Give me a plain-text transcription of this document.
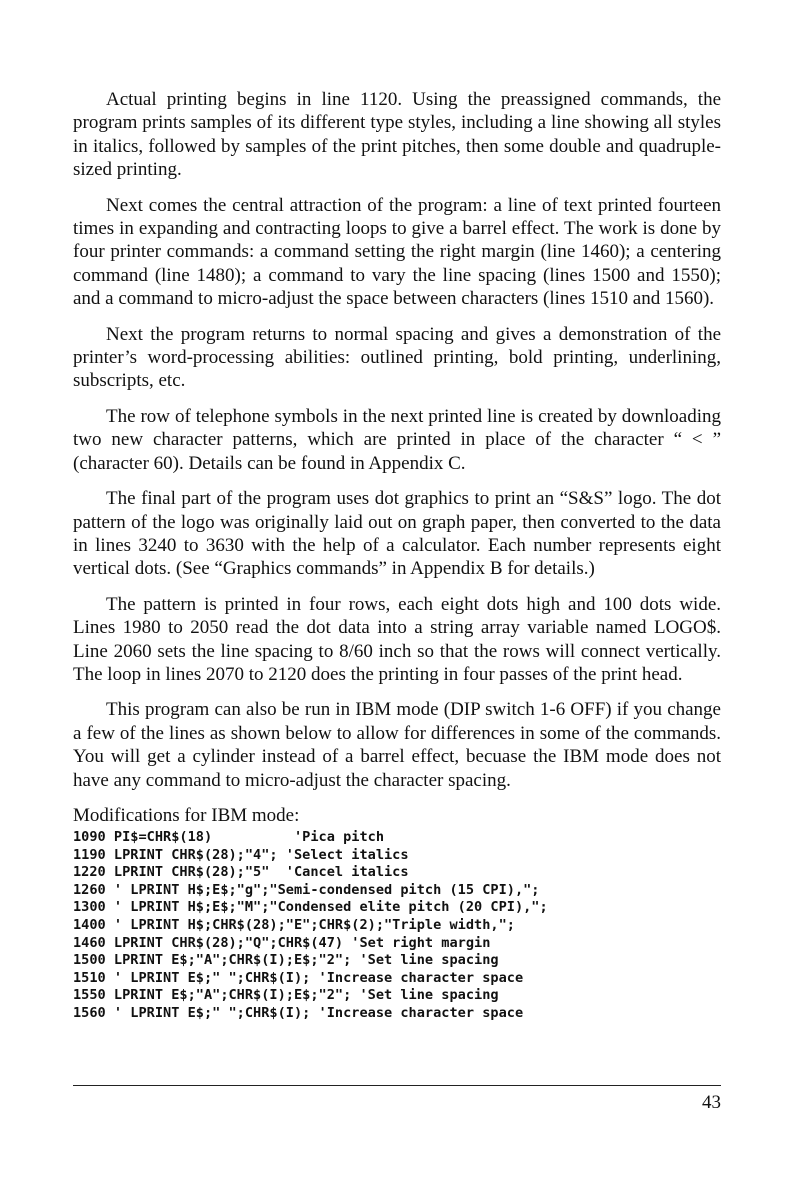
Actual printing begins in line 1120. Using the preassigned commands, the program prints samples of its different type styles, including a line showing all styles in italics, followed by samples of the print pitches, then some double and quadruple-sized printing.

Next comes the central attraction of the program: a line of text printed fourteen times in expanding and contracting loops to give a barrel effect. The work is done by four printer commands: a command setting the right margin (line 1460); a centering command (line 1480); a command to vary the line spacing (lines 1500 and 1550); and a command to micro-adjust the space between characters (lines 1510 and 1560).

Next the program returns to normal spacing and gives a demonstration of the printer’s word-processing abilities: outlined printing, bold printing, underlining, subscripts, etc.

The row of telephone symbols in the next printed line is created by downloading two new character patterns, which are printed in place of the character “ < ” (character 60). Details can be found in Appendix C.

The final part of the program uses dot graphics to print an “S&S” logo. The dot pattern of the logo was originally laid out on graph paper, then converted to the data in lines 3240 to 3630 with the help of a calculator. Each number represents eight vertical dots. (See “Graphics commands” in Appendix B for details.)

The pattern is printed in four rows, each eight dots high and 100 dots wide. Lines 1980 to 2050 read the dot data into a string array variable named LOGO$. Line 2060 sets the line spacing to 8/60 inch so that the rows will connect vertically. The loop in lines 2070 to 2120 does the printing in four passes of the print head.

This program can also be run in IBM mode (DIP switch 1-6 OFF) if you change a few of the lines as shown below to allow for differences in some of the commands. You will get a cylinder instead of a barrel effect, becuase the IBM mode does not have any command to micro-adjust the character spacing.

Modifications for IBM mode:
1090 PI$=CHR$(18)          'Pica pitch
1190 LPRINT CHR$(28);"4"; 'Select italics
1220 LPRINT CHR$(28);"5"  'Cancel italics
1260 ' LPRINT H$;E$;"g";"Semi-condensed pitch (15 CPI),";
1300 ' LPRINT H$;E$;"M";"Condensed elite pitch (20 CPI),";
1400 ' LPRINT H$;CHR$(28);"E";CHR$(2);"Triple width,";
1460 LPRINT CHR$(28);"Q";CHR$(47) 'Set right margin
1500 LPRINT E$;"A";CHR$(I);E$;"2"; 'Set line spacing
1510 ' LPRINT E$;" ";CHR$(I); 'Increase character space
1550 LPRINT E$;"A";CHR$(I);E$;"2"; 'Set line spacing
1560 ' LPRINT E$;" ";CHR$(I); 'Increase character space
43
